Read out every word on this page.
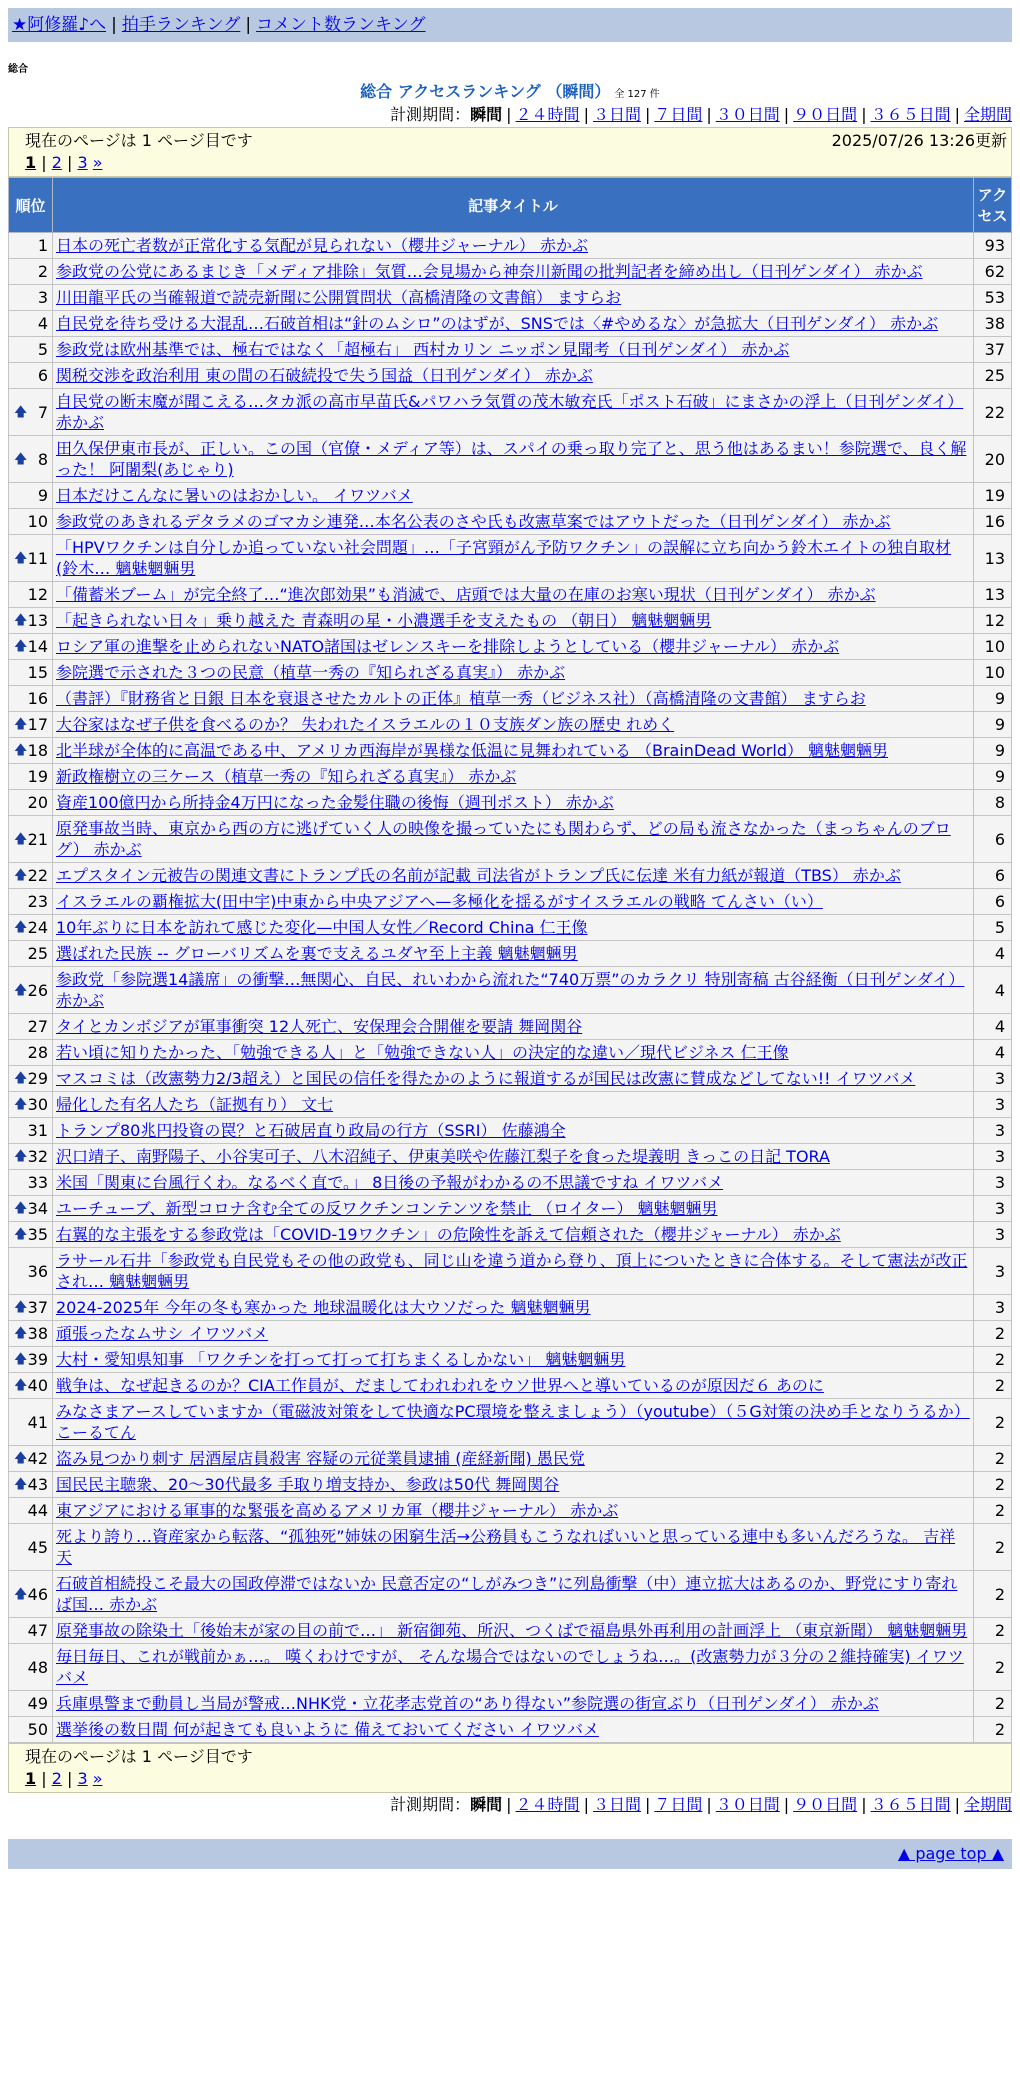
★阿修羅♪へ | 拍手ランキング | コメント数ランキング
総合
総合 アクセスランキング （瞬間） 全 127 件
計測期間：瞬間 | ２４時間 | ３日間 | ７日間 | ３０日間 | ９０日間 | ３６５日間 | 全期間
現在のページは 1 ページ目です	2025/07/26 13:26更新
1 | 2 | 3 »
順位	記事タイトル	アクセス
1	日本の死亡者数が正常化する気配が見られない（櫻井ジャーナル） 赤かぶ	93
2	参政党の公党にあるまじき「メディア排除」気質…会見場から神奈川新聞の批判記者を締め出し（日刊ゲンダイ） 赤かぶ	62
3	川田龍平氏の当確報道で読売新聞に公開質問状（高橋清隆の文書館） ますらお	53
4	自民党を待ち受ける大混乱…石破首相は“針のムシロ”のはずが、SNSでは〈#やめるな〉が急拡大（日刊ゲンダイ） 赤かぶ	38
5	参政党は欧州基準では、極右ではなく「超極右」 西村カリン ニッポン見聞考（日刊ゲンダイ） 赤かぶ	37
6	関税交渉を政治利用 東の間の石破続投で失う国益（日刊ゲンダイ） 赤かぶ	25

🡅 7	自民党の断末魔が聞こえる…タカ派の高市早苗氏&パワハラ気質の茂木敏充氏「ポスト石破」にまさかの浮上（日刊ゲンダイ） 赤かぶ	22

🡅 8	田久保伊東市長が、正しい。この国（官僚・メディア等）は、スパイの乗っ取り完了と、思う他はあるまい！参院選で、良く解った！ 阿闍梨(あじゃり)	20
9	日本だけこんなに暑いのはおかしい。 イワツバメ	19
10	参政党のあきれるデタラメのゴマカシ連発…本名公表のさや氏も改憲草案ではアウトだった（日刊ゲンダイ） 赤かぶ	16

🡅 11	「HPVワクチンは自分しか追っていない社会問題」…「子宮頸がん予防ワクチン」の誤解に立ち向かう鈴木エイトの独自取材(鈴木… 魑魅魍魎男	13
12	「備蓄米ブーム」が完全終了…“進次郎効果”も消滅で、店頭では大量の在庫のお寒い現状（日刊ゲンダイ） 赤かぶ	13

🡅 13	「起きられない日々」乗り越えた 青森明の星・小濃選手を支えたもの （朝日） 魑魅魍魎男	12

🡅 14	ロシア軍の進撃を止められないNATO諸国はゼレンスキーを排除しようとしている（櫻井ジャーナル） 赤かぶ	10
15	参院選で示された３つの民意（植草一秀の『知られざる真実』） 赤かぶ	10
16	（書評）『財務省と日銀 日本を衰退させたカルトの正体』植草一秀（ビジネス社）（高橋清隆の文書館） ますらお	9

🡅 17	大谷家はなぜ子供を食べるのか？ 失われたイスラエルの１０支族ダン族の歴史 れめく	9

🡅 18	北半球が全体的に高温である中、アメリカ西海岸が異様な低温に見舞われている （BrainDead World） 魑魅魍魎男	9
19	新政権樹立の三ケース（植草一秀の『知られざる真実』） 赤かぶ	9
20	資産100億円から所持金4万円になった金髪住職の後悔（週刊ポスト） 赤かぶ	8

🡅 21	原発事故当時、東京から西の方に逃げていく人の映像を撮っていたにも関わらず、どの局も流さなかった（まっちゃんのブログ） 赤かぶ	6

🡅 22	エプスタイン元被告の関連文書にトランプ氏の名前が記載 司法省がトランプ氏に伝達 米有力紙が報道（TBS） 赤かぶ	6
23	イスラエルの覇権拡大(田中宇)中東から中央アジアへ—多極化を揺るがすイスラエルの戦略 てんさい（い）	6

🡅 24	10年ぶりに日本を訪れて感じた変化—中国人女性／Record China 仁王像	5
25	選ばれた民族 -- グローバリズムを裏で支えるユダヤ至上主義 魑魅魍魎男	4

🡅 26	参政党「参院選14議席」の衝撃…無関心、自民、れいわから流れた“740万票”のカラクリ 特別寄稿 古谷経衡（日刊ゲンダイ） 赤かぶ	4
27	タイとカンボジアが軍事衝突 12人死亡、安保理会合開催を要請 舞岡関谷	4
28	若い頃に知りたかった、「勉強できる人」と「勉強できない人」の決定的な違い／現代ビジネス 仁王像	4

🡅 29	マスコミは（改憲勢力2/3超え）と国民の信任を得たかのように報道するが国民は改憲に賛成などしてない!! イワツバメ	3

🡅 30	帰化した有名人たち（証拠有り） 文七	3
31	トランプ80兆円投資の罠？と石破居直り政局の行方（SSRI） 佐藤鴻全	3

🡅 32	沢口靖子、南野陽子、小谷実可子、八木沼純子、伊東美咲や佐藤江梨子を食った堤義明 きっこの日記 TORA	3
33	米国「関東に台風行くわ。なるべく直で。」 8日後の予報がわかるの不思議ですね イワツバメ	3

🡅 34	ユーチューブ、新型コロナ含む全ての反ワクチンコンテンツを禁止 （ロイター） 魑魅魍魎男	3

🡅 35	右翼的な主張をする参政党は「COVID-19ワクチン」の危険性を訴えて信頼された（櫻井ジャーナル） 赤かぶ	3
36	ラサール石井「参政党も自民党もその他の政党も、同じ山を違う道から登り、頂上についたときに合体する。そして憲法が改正され… 魑魅魍魎男	3

🡅 37	2024-2025年 今年の冬も寒かった 地球温暖化は大ウソだった 魑魅魍魎男	3

🡅 38	頑張ったなムサシ イワツバメ	2

🡅 39	大村・愛知県知事 「ワクチンを打って打って打ちまくるしかない」 魑魅魍魎男	2

🡅 40	戦争は、なぜ起きるのか？CIA工作員が、だましてわれわれをウソ世界へと導いているのが原因だ６ あのに	2
41	みなさまアースしていますか（電磁波対策をして快適なPC環境を整えましょう）（youtube）（５G対策の決め手となりうるか） こーるてん	2

🡅 42	盗み見つかり刺す 居酒屋店員殺害 容疑の元従業員逮捕 (産経新聞) 愚民党	2

🡅 43	国民民主聴衆、20～30代最多 手取り増支持か、参政は50代 舞岡関谷	2
44	東アジアにおける軍事的な緊張を高めるアメリカ軍（櫻井ジャーナル） 赤かぶ	2
45	死より誇り…資産家から転落、“孤独死”姉妹の困窮生活→公務員もこうなればいいと思っている連中も多いんだろうな。 吉祥天	2

🡅 46	石破首相続投こそ最大の国政停滞ではないか 民意否定の“しがみつき”に列島衝撃（中）連立拡大はあるのか、野党にすり寄れば国… 赤かぶ	2
47	原発事故の除染土「後始末が家の目の前で…」 新宿御苑、所沢、つくばで福島県外再利用の計画浮上 （東京新聞） 魑魅魍魎男	2
48	毎日毎日、これが戦前かぁ…。 嘆くわけですが、 そんな場合ではないのでしょうね…。(改憲勢力が３分の２維持確実) イワツバメ	2
49	兵庫県警まで動員し当局が警戒…NHK党・立花孝志党首の“あり得ない”参院選の街宣ぶり（日刊ゲンダイ） 赤かぶ	2
50	選挙後の数日間 何が起きても良いように 備えておいてください イワツバメ	2
現在のページは 1 ページ目です
1 | 2 | 3 »
計測期間：瞬間 | ２４時間 | ３日間 | ７日間 | ３０日間 | ９０日間 | ３６５日間 | 全期間
▲ page top ▲
